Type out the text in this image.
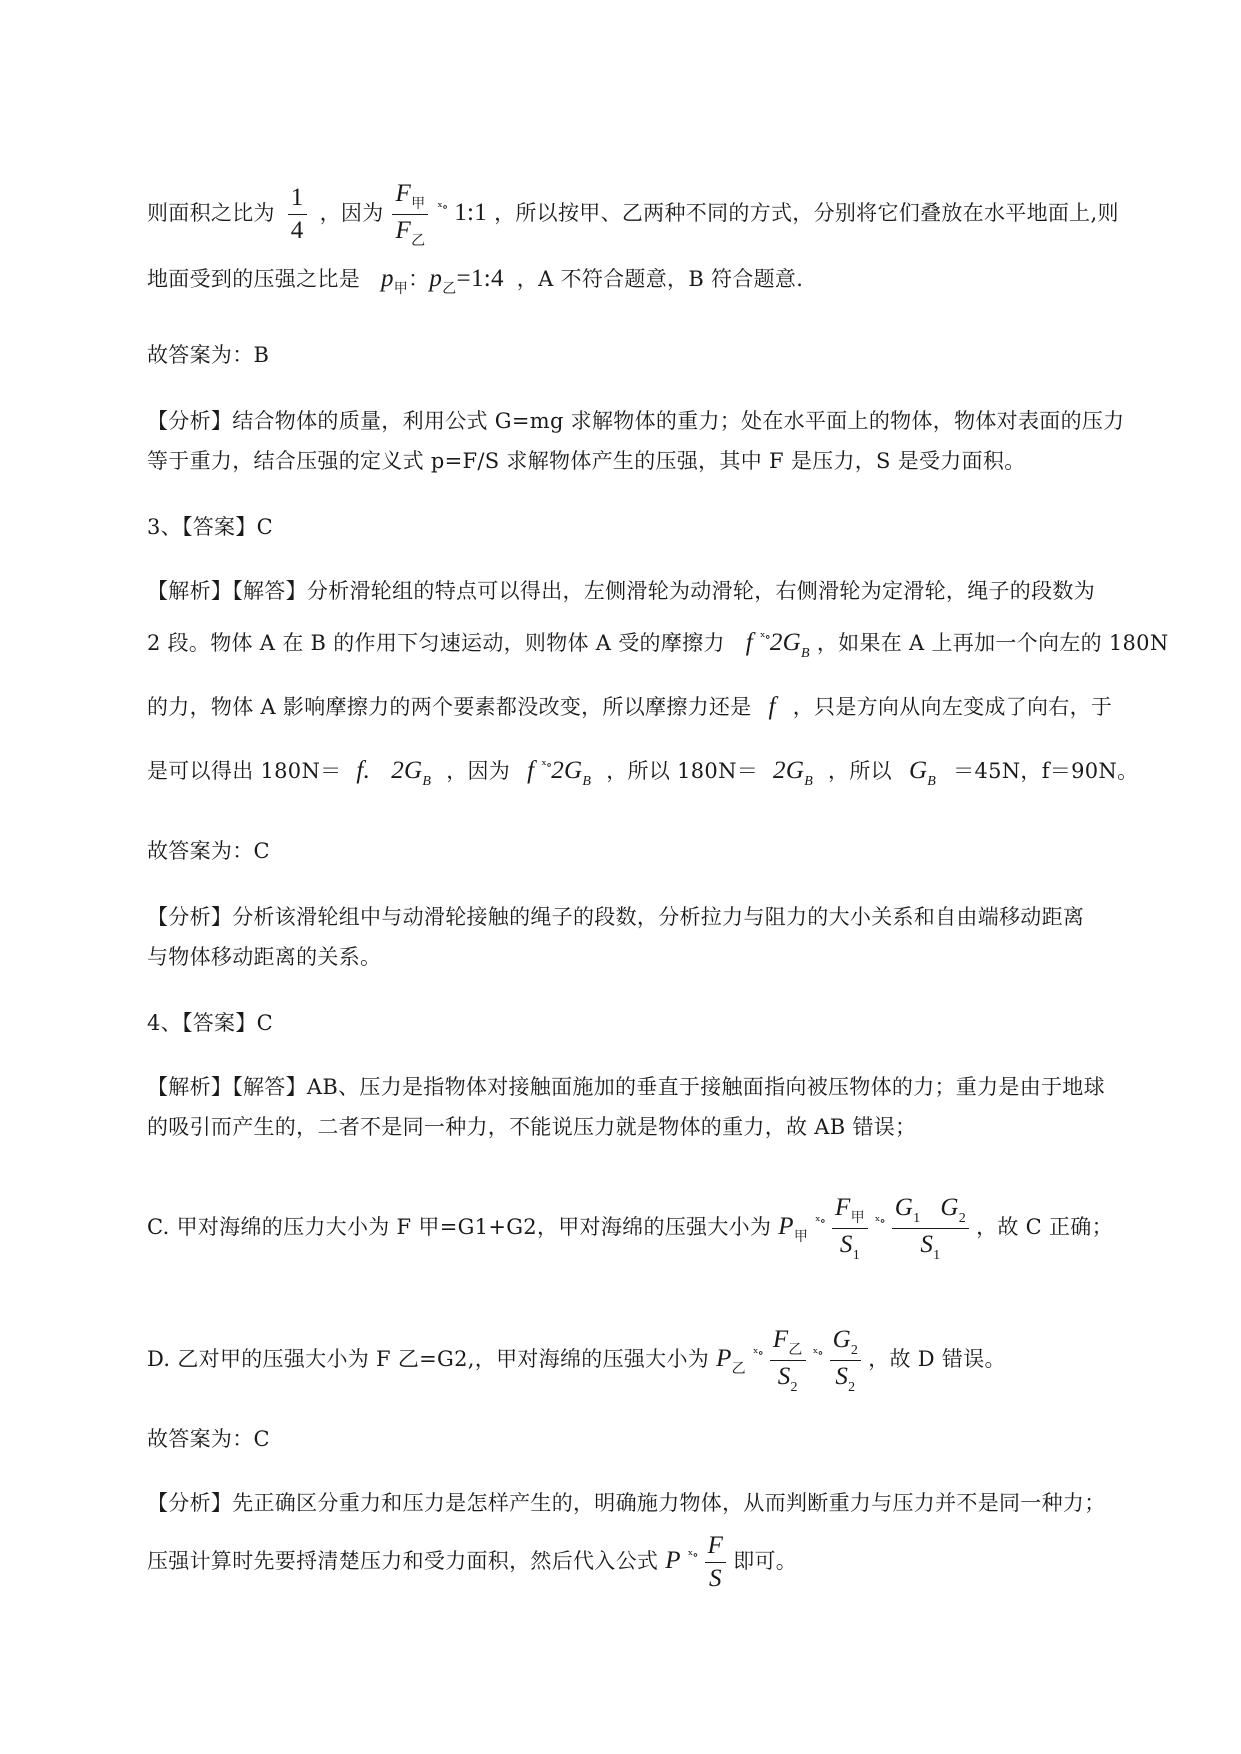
则面积之比为 $\frac{1}{4}$ ，因为 $\frac{F_甲}{F_乙} ^{ˣ\circ}$ 1:1 ，所以按甲、乙两种不同的方式，分别将它们叠放在水平地面上,则
地面受到的压强之比是 $p_甲$：$p_乙=1:4$ ，A 不符合题意，B 符合题意.
故答案为：B
【分析】结合物体的质量，利用公式 G=mg 求解物体的重力；处在水平面上的物体，物体对表面的压力
等于重力，结合压强的定义式 p=F/S 求解物体产生的压强，其中 F 是压力，S 是受力面积。
3、【答案】C
【解析】【解答】分析滑轮组的特点可以得出，左侧滑轮为动滑轮，右侧滑轮为定滑轮，绳子的段数为
2 段。物体 A 在 B 的作用下匀速运动，则物体 A 受的摩擦力 f $^{ˣ\circ}2G_B$ ，如果在 A 上再加一个向左的 180N
的力，物体 A 影响摩擦力的两个要素都没改变，所以摩擦力还是 f ，只是方向从向左变成了向右，于
是可以得出 180N＝ f. $2G_B$ ，因为 f $^{ˣ\circ}2G_B$ ，所以 $180N= 2G_B$ ，所以 $G_B =45N$，f＝90N。
故答案为：C
【分析】分析该滑轮组中与动滑轮接触的绳子的段数，分析拉力与阻力的大小关系和自由端移动距离
与物体移动距离的关系。
4、【答案】C
【解析】【解答】AB、压力是指物体对接触面施加的垂直于接触面指向被压物体的力；重力是由于地球
的吸引而产生的，二者不是同一种力，不能说压力就是物体的重力，故 AB 错误；
C. 甲对海绵的压力大小为 F 甲=G1+G2，甲对海绵的压强大小为 $P_甲$ $^{ˣ\circ} \frac{F_甲}{S_1} ^{ˣ\circ} \frac{G_1 G_2}{S_1}$ ，故 C 正确；
D. 乙对甲的压强大小为 F 乙=G2,，甲对海绵的压强大小为 $P_乙$ $^{ˣ\circ} \frac{F_乙}{S_2} ^{ˣ\circ} \frac{G_2}{S_2}$ ，故 D 错误。
故答案为：C
【分析】先正确区分重力和压力是怎样产生的，明确施力物体，从而判断重力与压力并不是同一种力；
压强计算时先要捋清楚压力和受力面积，然后代入公式 P $^{ˣ\circ} \frac{F}{S}$ 即可。
